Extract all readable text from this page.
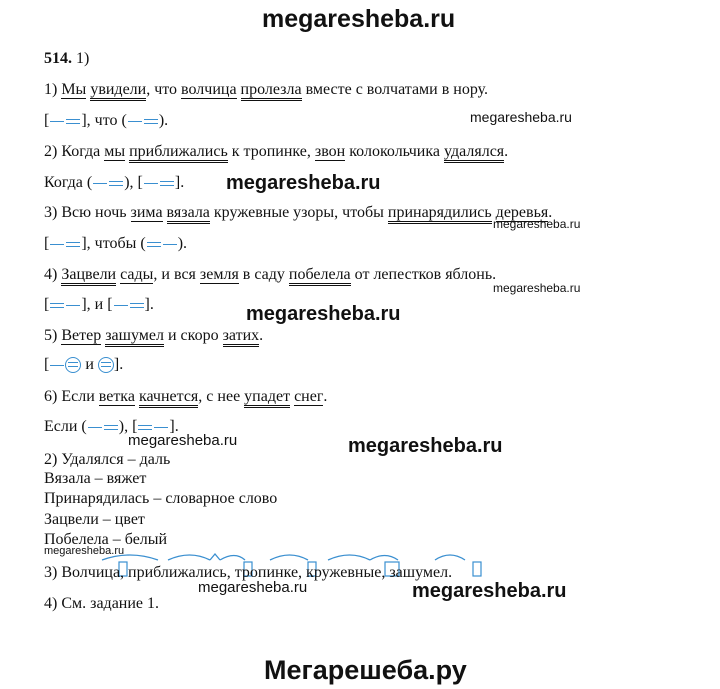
megaresheba.ru
megaresheba.ru
megaresheba.ru
megaresheba.ru
megaresheba.ru
megaresheba.ru
megaresheba.ru	megaresheba.ru
megaresheba.ru
megaresheba.ru	megaresheba.ru
Мегарешеба.ру
514. 1)
1) Мы увидели, что волчица пролезла вместе с волчатами в нору.
[ ], что ( ).
2) Когда мы приближались к тропинке, звон колокольчика удалялся.
Когда ( ), [ ].
3) Всю ночь зима вязала кружевные узоры, чтобы принарядились деревья.
[ ], чтобы ( ).
4) Зацвели сады, и вся земля в саду побелела от лепестков яблонь.
[ ], и [ ].
5) Ветер зашумел и скоро затих.
[ и ].
6) Если ветка качнется, с нее упадет снег.
Если ( ), [ ].
2) Удалялся – даль
Вязала – вяжет
Принарядилась – словарное слово
Зацвели – цвет
Побелела – белый
3) Волчица, приближались, тропинке, кружевные, зашумел.
4) См. задание 1.
